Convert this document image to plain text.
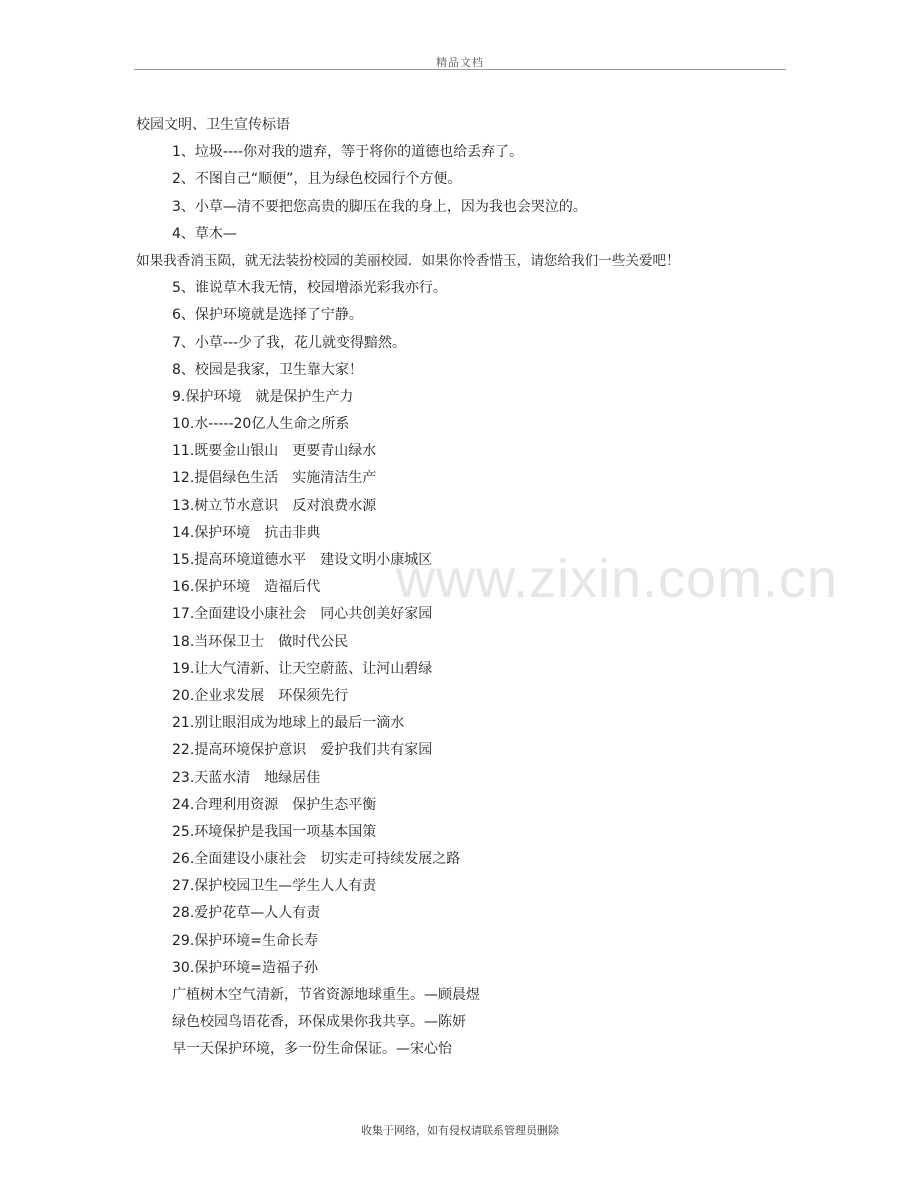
精品文档
www.zixin.com.cn
校园文明、卫生宣传标语
1、垃圾----你对我的遗弃，等于将你的道德也给丢弃了。
2、不图自己“顺便”，且为绿色校园行个方便。
3、小草—清不要把您高贵的脚压在我的身上，因为我也会哭泣的。
4、草木—
如果我香消玉陨，就无法装扮校园的美丽校园．如果你怜香惜玉，请您给我们一些关爱吧！
5、谁说草木我无情，校园增添光彩我亦行。
6、保护环境就是选择了宁静。
7、小草---少了我，花儿就变得黯然。
8、校园是我家，卫生靠大家！
9.保护环境　就是保护生产力
10.水-----20亿人生命之所系
11.既要金山银山　更要青山绿水
12.提倡绿色生活　实施清洁生产
13.树立节水意识　反对浪费水源
14.保护环境　抗击非典
15.提高环境道德水平　建设文明小康城区
16.保护环境　造福后代
17.全面建设小康社会　同心共创美好家园
18.当环保卫士　做时代公民
19.让大气清新、让天空蔚蓝、让河山碧绿
20.企业求发展　环保须先行
21.别让眼泪成为地球上的最后一滴水
22.提高环境保护意识　爱护我们共有家园
23.天蓝水清　地绿居佳
24.合理利用资源　保护生态平衡
25.环境保护是我国一项基本国策
26.全面建设小康社会　切实走可持续发展之路
27.保护校园卫生—学生人人有责
28.爱护花草—人人有责
29.保护环境=生命长寿
30.保护环境=造福子孙
广植树木空气清新，节省资源地球重生。—顾晨煜
绿色校园鸟语花香，环保成果你我共享。—陈妍
早一天保护环境，多一份生命保证。—宋心怡
收集于网络，如有侵权请联系管理员删除
